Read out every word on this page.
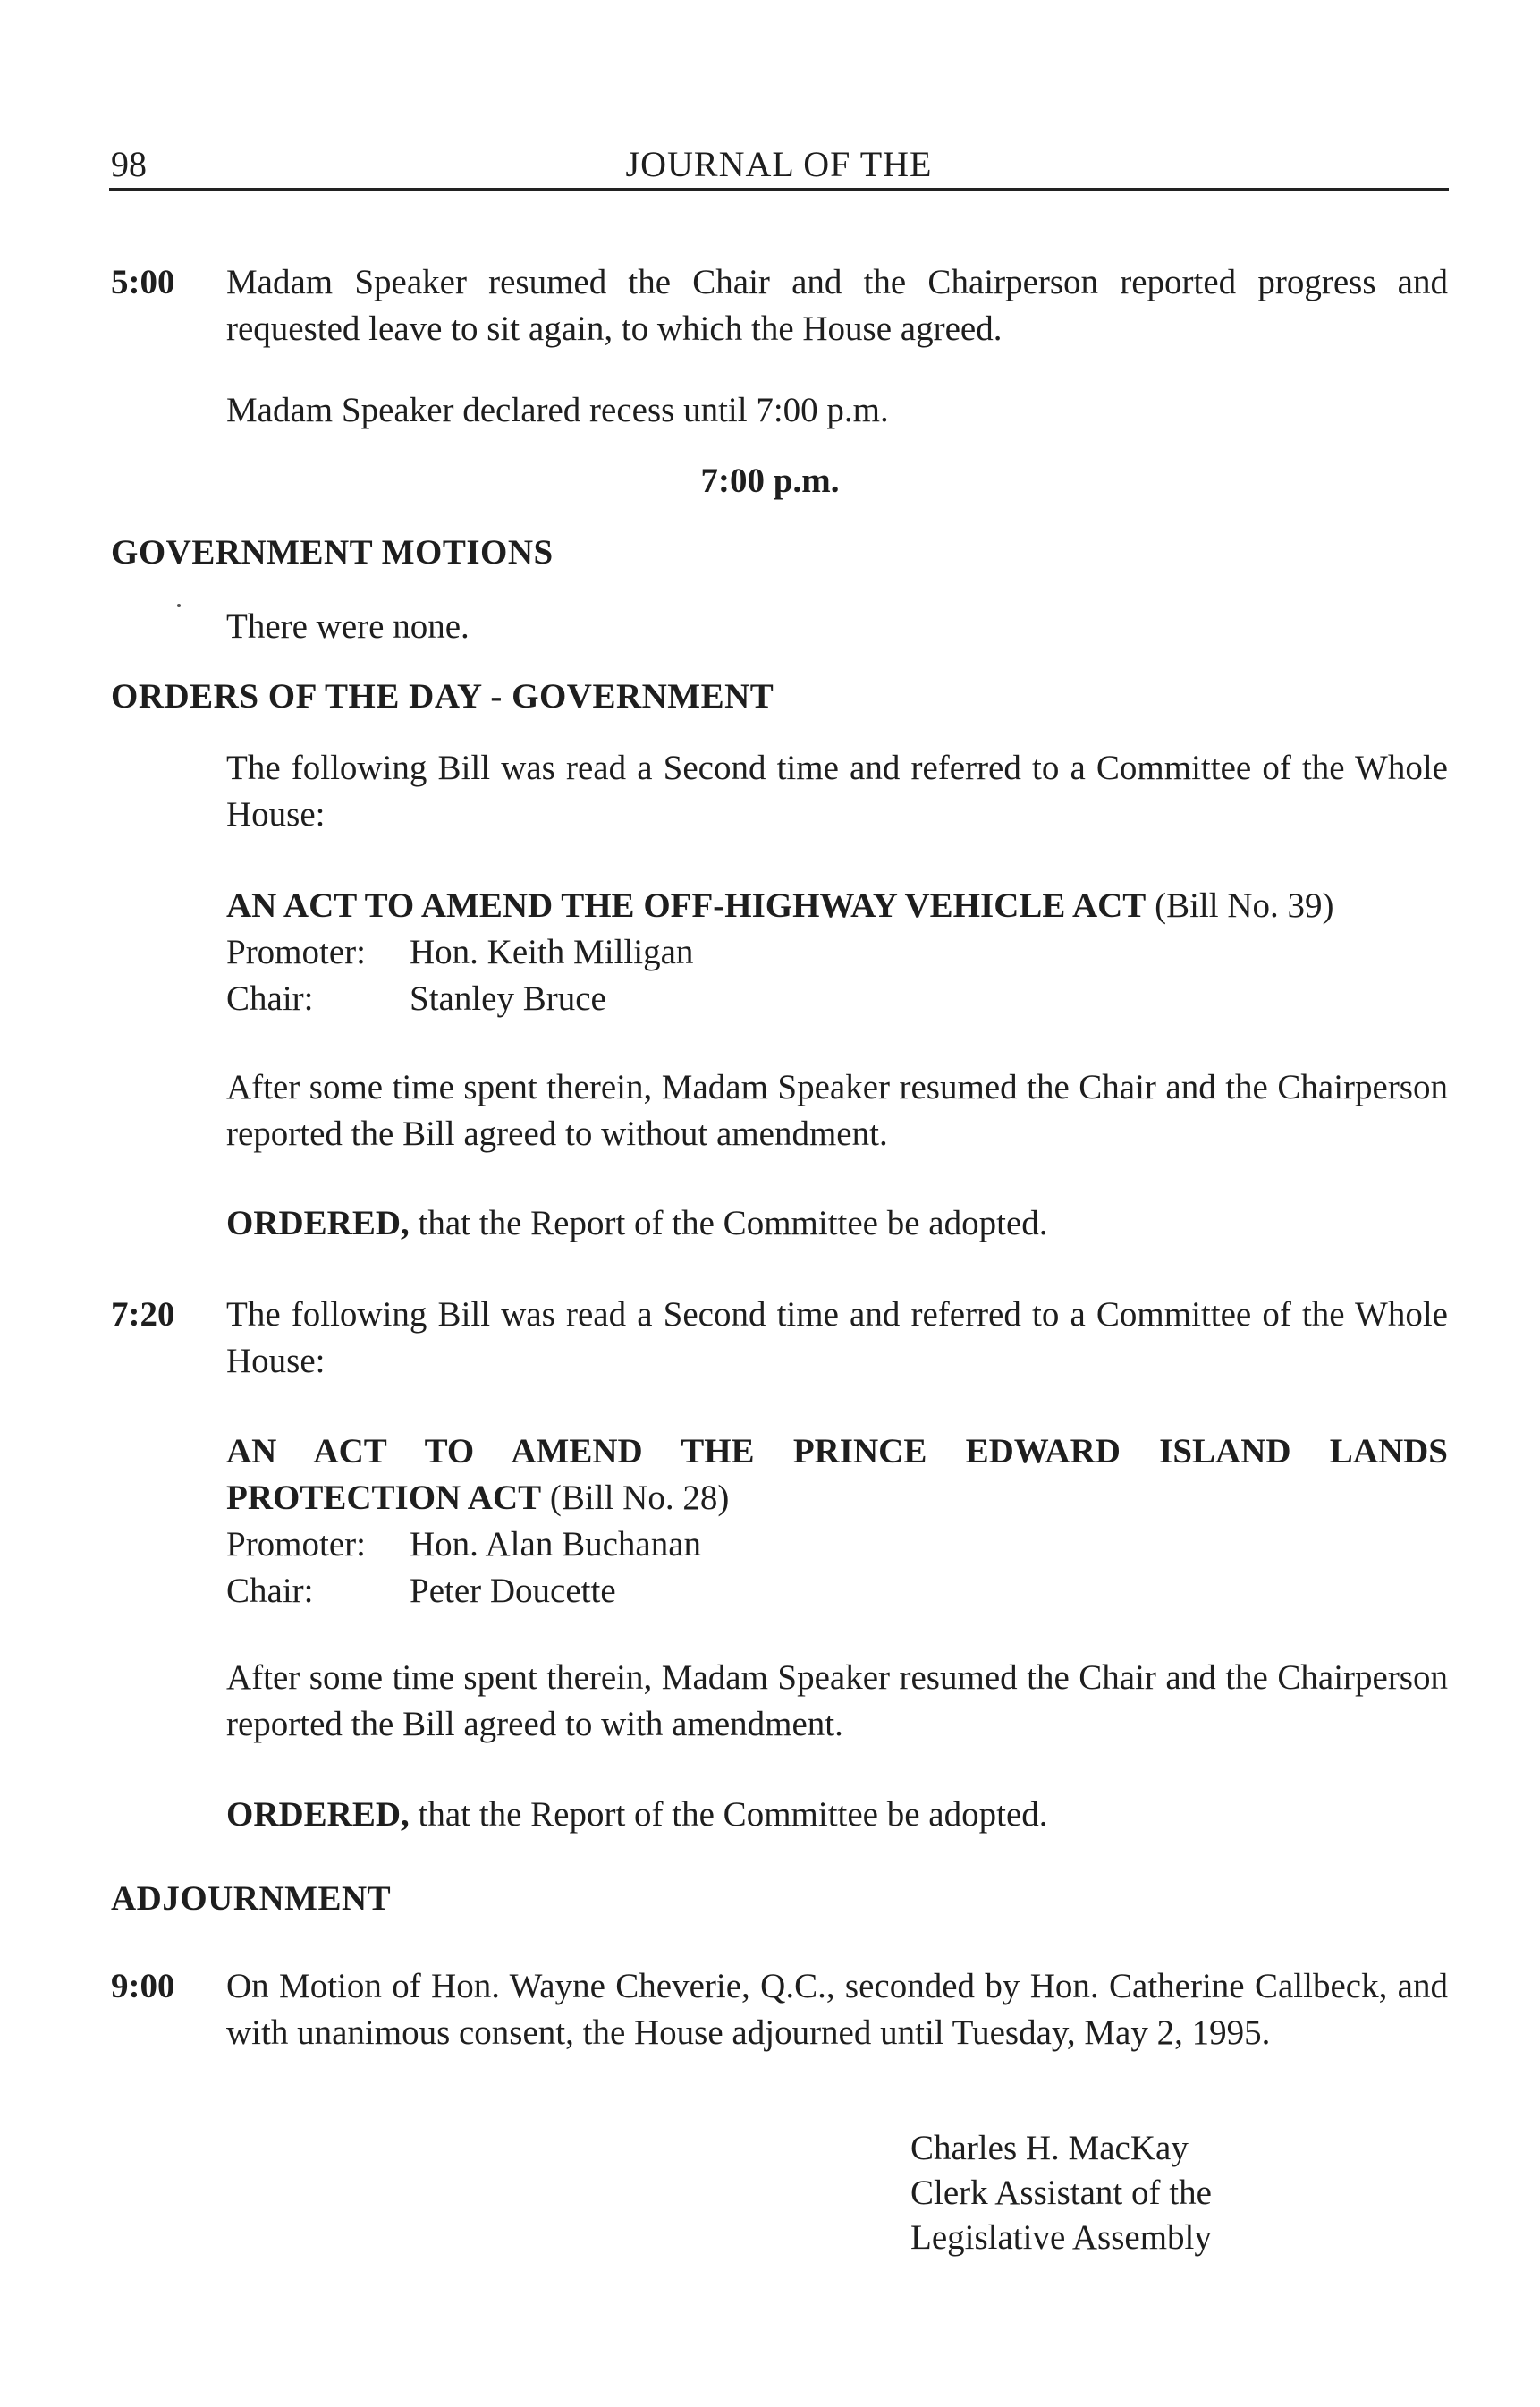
98	JOURNAL OF THE
5:00 Madam Speaker resumed the Chair and the Chairperson reported progress and requested leave to sit again, to which the House agreed.
Madam Speaker declared recess until 7:00 p.m.
7:00 p.m.
GOVERNMENT MOTIONS
There were none.
ORDERS OF THE DAY - GOVERNMENT
The following Bill was read a Second time and referred to a Committee of the Whole House:
AN ACT TO AMEND THE OFF-HIGHWAY VEHICLE ACT (Bill No. 39)
Promoter: Hon. Keith Milligan
Chair:	Stanley Bruce
After some time spent therein, Madam Speaker resumed the Chair and the Chairperson reported the Bill agreed to without amendment.
ORDERED, that the Report of the Committee be adopted.
7:20 The following Bill was read a Second time and referred to a Committee of the Whole House:
AN ACT TO AMEND THE PRINCE EDWARD ISLAND LANDS
PROTECTION ACT (Bill No. 28)
Promoter: Hon. Alan Buchanan
Chair:	Peter Doucette
After some time spent therein, Madam Speaker resumed the Chair and the Chairperson reported the Bill agreed to with amendment.
ORDERED, that the Report of the Committee be adopted.
ADJOURNMENT
9:00 On Motion of Hon. Wayne Cheverie, Q.C., seconded by Hon. Catherine Callbeck, and with unanimous consent, the House adjourned until Tuesday, May 2, 1995.
Charles H. MacKay
Clerk Assistant of the
Legislative Assembly
